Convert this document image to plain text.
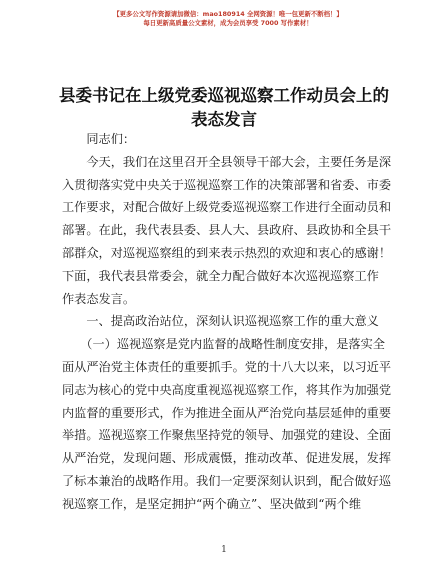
【更多公文写作资源请加微信：mao180914 全网资源！唯一包更新不断档！】
每日更新高质量公文素材，成为会员享受 7000 写作素材！
县委书记在上级党委巡视巡察工作动员会上的
表态发言
　　同志们：
　　今天，我们在这里召开全县领导干部大会，主要任务是深
入贯彻落实党中央关于巡视巡察工作的决策部署和省委、市委
工作要求，对配合做好上级党委巡视巡察工作进行全面动员和
部署。在此，我代表县委、县人大、县政府、县政协和全县干
部群众，对巡视巡察组的到来表示热烈的欢迎和衷心的感谢！
下面，我代表县常委会，就全力配合做好本次巡视巡察工作
作表态发言。
　　一、提高政治站位，深刻认识巡视巡察工作的重大意义
　　（一）巡视巡察是党内监督的战略性制度安排，是落实全
面从严治党主体责任的重要抓手。党的十八大以来，以习近平
同志为核心的党中央高度重视巡视巡察工作，将其作为加强党
内监督的重要形式，作为推进全面从严治党向基层延伸的重要
举措。巡视巡察工作聚焦坚持党的领导、加强党的建设、全面
从严治党，发现问题、形成震慑，推动改革、促进发展，发挥
了标本兼治的战略作用。我们一定要深刻认识到，配合做好巡
视巡察工作，是坚定拥护“两个确立”、坚决做到“两个维
1
